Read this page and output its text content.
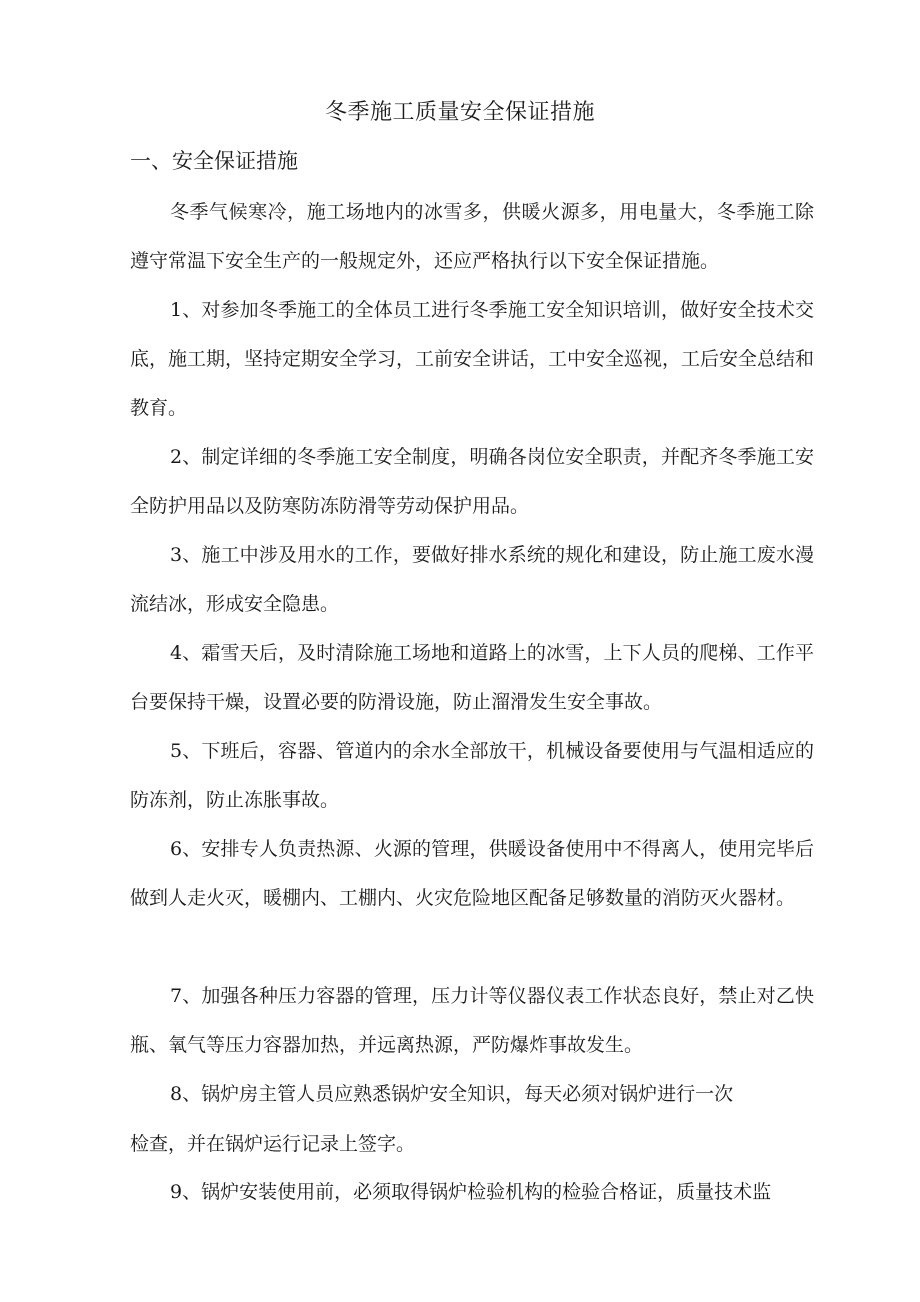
冬季施工质量安全保证措施
一、安全保证措施

冬季气候寒冷，施工场地内的冰雪多，供暖火源多，用电量大，冬季施工除遵守常温下安全生产的一般规定外，还应严格执行以下安全保证措施。

1、对参加冬季施工的全体员工进行冬季施工安全知识培训，做好安全技术交底，施工期，坚持定期安全学习，工前安全讲话，工中安全巡视，工后安全总结和教育。

2、制定详细的冬季施工安全制度，明确各岗位安全职责，并配齐冬季施工安全防护用品以及防寒防冻防滑等劳动保护用品。

3、施工中涉及用水的工作，要做好排水系统的规化和建设，防止施工废水漫流结冰，形成安全隐患。

4、霜雪天后，及时清除施工场地和道路上的冰雪，上下人员的爬梯、工作平台要保持干燥，设置必要的防滑设施，防止溜滑发生安全事故。

5、下班后，容器、管道内的余水全部放干，机械设备要使用与气温相适应的防冻剂，防止冻胀事故。

6、安排专人负责热源、火源的管理，供暖设备使用中不得离人，使用完毕后做到人走火灭，暖棚内、工棚内、火灾危险地区配备足够数量的消防灭火器材。

7、加强各种压力容器的管理，压力计等仪器仪表工作状态良好，禁止对乙快瓶、氧气等压力容器加热，并远离热源，严防爆炸事故发生。

8、锅炉房主管人员应熟悉锅炉安全知识，每天必须对锅炉进行一次

检查，并在锅炉运行记录上签字。

9、锅炉安装使用前，必须取得锅炉检验机构的检验合格证，质量技术监
